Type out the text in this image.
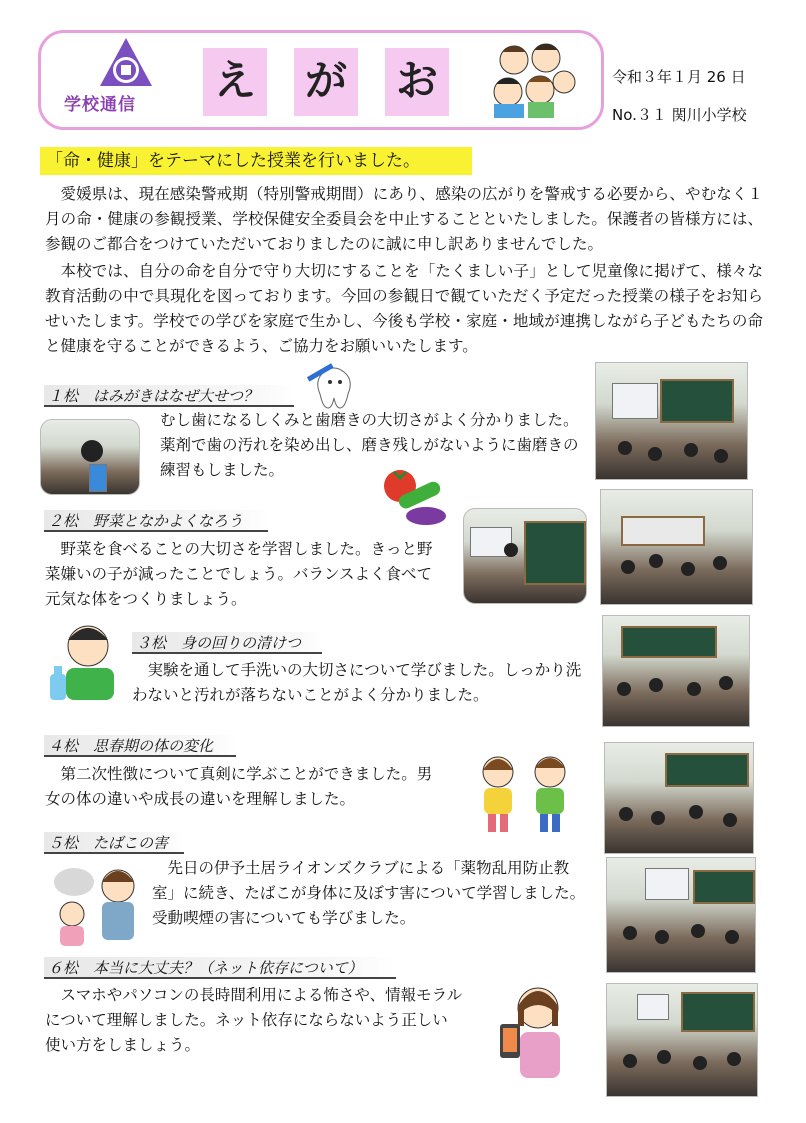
学校通信 え が お	令和３年１月 26 日
No.３１ 関川小学校
「命・健康」をテーマにした授業を行いました。

愛媛県は、現在感染警戒期（特別警戒期間）にあり、感染の広がりを警戒する必要から、やむなく１月の命・健康の参観授業、学校保健安全委員会を中止することといたしました。保護者の皆様方には、参観のご都合をつけていただいておりましたのに誠に申し訳ありませんでした。

本校では、自分の命を自分で守り大切にすることを「たくましい子」として児童像に掲げて、様々な教育活動の中で具現化を図っております。今回の参観日で観ていただく予定だった授業の様子をお知らせいたします。学校での学びを家庭で生かし、今後も学校・家庭・地域が連携しながら子どもたちの命と健康を守ることができるよう、ご協力をお願いいたします。

１松　はみがきはなぜ大せつ？

むし歯になるしくみと歯磨きの大切さがよく分かりました。薬剤で歯の汚れを染め出し、磨き残しがないように歯磨きの練習もしました。

２松　野菜となかよくなろう

野菜を食べることの大切さを学習しました。きっと野菜嫌いの子が減ったことでしょう。バランスよく食べて元気な体をつくりましょう。

３松　身の回りの清けつ

実験を通して手洗いの大切さについて学びました。しっかり洗わないと汚れが落ちないことがよく分かりました。

４松　思春期の体の変化

第二次性徴について真剣に学ぶことができました。男女の体の違いや成長の違いを理解しました。

５松　たばこの害

先日の伊予土居ライオンズクラブによる「薬物乱用防止教室」に続き、たばこが身体に及ぼす害について学習しました。受動喫煙の害についても学びました。

６松　本当に大丈夫？（ネット依存について）

スマホやパソコンの長時間利用による怖さや、情報モラルについて理解しました。ネット依存にならないよう正しい使い方をしましょう。
